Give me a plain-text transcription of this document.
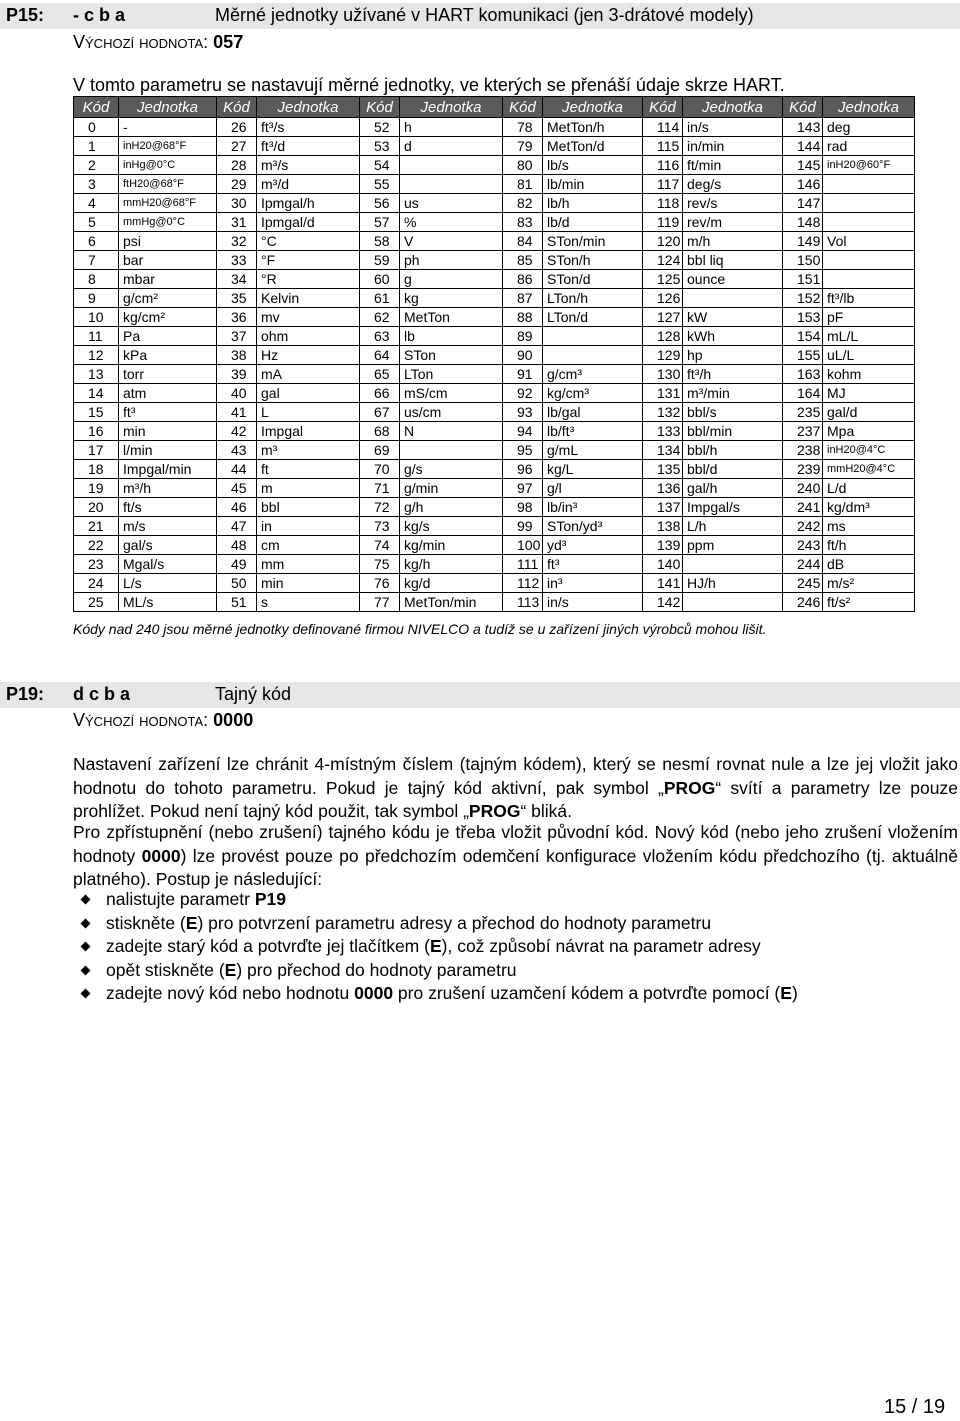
P15: - c b a	Měrné jednotky užívané v HART komunikaci (jen 3-drátové modely)
Výchozí hodnota: 057
V tomto parametru se nastavují měrné jednotky, ve kterých se přenáší údaje skrze HART.
Kód	Jednotka	Kód	Jednotka	Kód	Jednotka	Kód	Jednotka	Kód	Jednotka	Kód	Jednotka
0	-	26	ft³/s	52	h	78	MetTon/h	114	in/s	143	deg
1	inH20@68°F	27	ft³/d	53	d	79	MetTon/d	115	in/min	144	rad
2	inHg@0°C	28	m³/s	54		80	lb/s	116	ft/min	145	inH20@60°F
3	ftH20@68°F	29	m³/d	55		81	lb/min	117	deg/s	146	
4	mmH20@68°F	30	Ipmgal/h	56	us	82	lb/h	118	rev/s	147	
5	mmHg@0°C	31	Ipmgal/d	57	%	83	lb/d	119	rev/m	148	
6	psi	32	°C	58	V	84	STon/min	120	m/h	149	Vol
7	bar	33	°F	59	ph	85	STon/h	124	bbl liq	150	
8	mbar	34	°R	60	g	86	STon/d	125	ounce	151	
9	g/cm²	35	Kelvin	61	kg	87	LTon/h	126		152	ft³/lb
10	kg/cm²	36	mv	62	MetTon	88	LTon/d	127	kW	153	pF
11	Pa	37	ohm	63	lb	89		128	kWh	154	mL/L
12	kPa	38	Hz	64	STon	90		129	hp	155	uL/L
13	torr	39	mA	65	LTon	91	g/cm³	130	ft³/h	163	kohm
14	atm	40	gal	66	mS/cm	92	kg/cm³	131	m³/min	164	MJ
15	ft³	41	L	67	us/cm	93	lb/gal	132	bbl/s	235	gal/d
16	min	42	Impgal	68	N	94	lb/ft³	133	bbl/min	237	Mpa
17	l/min	43	m³	69		95	g/mL	134	bbl/h	238	inH20@4°C
18	Impgal/min	44	ft	70	g/s	96	kg/L	135	bbl/d	239	mmH20@4°C
19	m³/h	45	m	71	g/min	97	g/l	136	gal/h	240	L/d
20	ft/s	46	bbl	72	g/h	98	lb/in³	137	Impgal/s	241	kg/dm³
21	m/s	47	in	73	kg/s	99	STon/yd³	138	L/h	242	ms
22	gal/s	48	cm	74	kg/min	100	yd³	139	ppm	243	ft/h
23	Mgal/s	49	mm	75	kg/h	111	ft³	140		244	dB
24	L/s	50	min	76	kg/d	112	in³	141	HJ/h	245	m/s²
25	ML/s	51	s	77	MetTon/min	113	in/s	142		246	ft/s²
Kódy nad 240 jsou měrné jednotky definované firmou NIVELCO a tudíž se u zařízení jiných výrobců mohou lišit.
P19: d c b a	Tajný kód
Výchozí hodnota: 0000

Nastavení zařízení lze chránit 4-místným číslem (tajným kódem), který se nesmí rovnat nule a lze jej vložit jako hodnotu do tohoto parametru. Pokud je tajný kód aktivní, pak symbol „PROG“ svítí a parametry lze pouze prohlížet. Pokud není tajný kód použit, tak symbol „PROG“ bliká.

Pro zpřístupnění (nebo zrušení) tajného kódu je třeba vložit původní kód. Nový kód (nebo jeho zrušení vložením hodnoty 0000) lze provést pouze po předchozím odemčení konfigurace vložením kódu předchozího (tj. aktuálně platného). Postup je následující:

nalistujte parametr P19
stiskněte (E) pro potvrzení parametru adresy a přechod do hodnoty parametru
zadejte starý kód a potvrďte jej tlačítkem (E), což způsobí návrat na parametr adresy
opět stiskněte (E) pro přechod do hodnoty parametru
zadejte nový kód nebo hodnotu 0000 pro zrušení uzamčení kódem a potvrďte pomocí (E)
15 / 19
